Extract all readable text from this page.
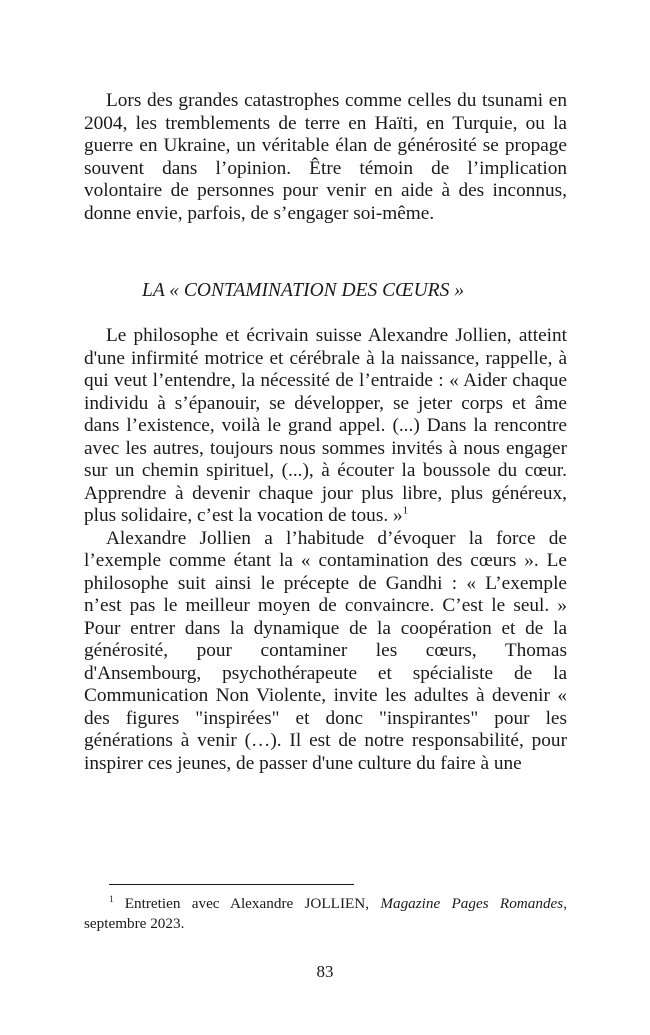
Lors des grandes catastrophes comme celles du tsunami en 2004, les tremblements de terre en Haïti, en Turquie, ou la guerre en Ukraine, un véritable élan de générosité se propage souvent dans l’opinion. Être témoin de l’implication volontaire de personnes pour venir en aide à des inconnus, donne envie, parfois, de s’engager soi-même.

LA « CONTAMINATION DES CŒURS »

Le philosophe et écrivain suisse Alexandre Jollien, atteint d'une infirmité motrice et cérébrale à la naissance, rappelle, à qui veut l’entendre, la nécessité de l’entraide : « Aider chaque individu à s’épanouir, se développer, se jeter corps et âme dans l’existence, voilà le grand appel. (...) Dans la rencontre avec les autres, toujours nous sommes invités à nous engager sur un chemin spirituel, (...), à écouter la boussole du cœur. Apprendre à devenir chaque jour plus libre, plus généreux, plus solidaire, c’est la vocation de tous. »$^1$

Alexandre Jollien a l’habitude d’évoquer la force de l’exemple comme étant la « contamination des cœurs ». Le philosophe suit ainsi le précepte de Gandhi : « L’exemple n’est pas le meilleur moyen de convaincre. C’est le seul. » Pour entrer dans la dynamique de la coopération et de la générosité, pour contaminer les cœurs, Thomas d'Ansembourg, psychothérapeute et spécialiste de la Communication Non Violente, invite les adultes à devenir « des figures "inspirées" et donc "inspirantes" pour les générations à venir (…). Il est de notre responsabilité, pour inspirer ces jeunes, de passer d'une culture du faire à une

$^1$ Entretien avec Alexandre JOLLIEN, Magazine Pages Romandes, septembre 2023.

83
